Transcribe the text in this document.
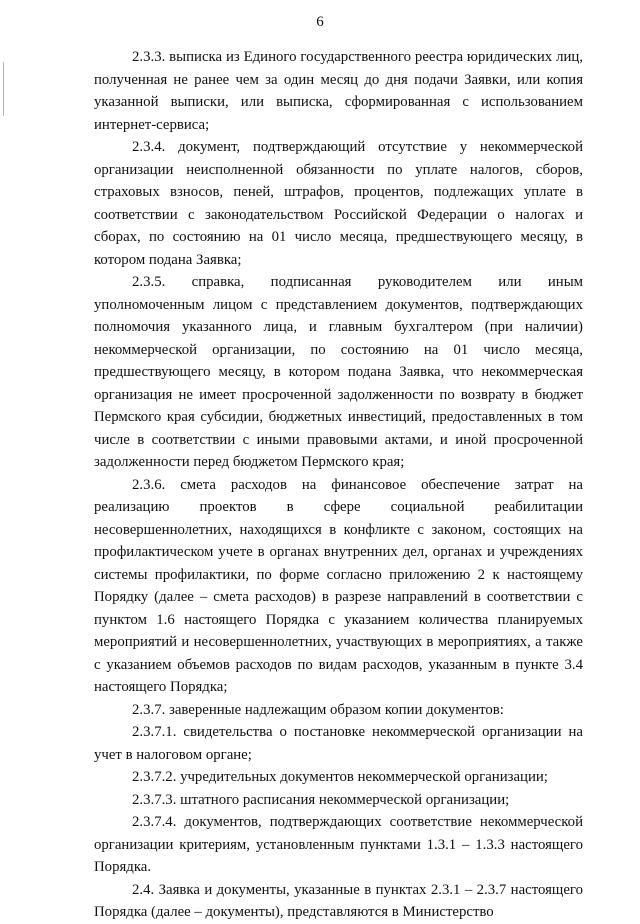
6

2.3.3. выписка из Единого государственного реестра юридических лиц, полученная не ранее чем за один месяц до дня подачи Заявки, или копия указанной выписки, или выписка, сформированная с использованием интернет-сервиса;

2.3.4. документ, подтверждающий отсутствие у некоммерческой организации неисполненной обязанности по уплате налогов, сборов, страховых взносов, пеней, штрафов, процентов, подлежащих уплате в соответствии с законодательством Российской Федерации о налогах и сборах, по состоянию на 01 число месяца, предшествующего месяцу, в котором подана Заявка;

2.3.5. справка, подписанная руководителем или иным уполномоченным лицом с представлением документов, подтверждающих полномочия указанного лица, и главным бухгалтером (при наличии) некоммерческой организации, по состоянию на 01 число месяца, предшествующего месяцу, в котором подана Заявка, что некоммерческая организация не имеет просроченной задолженности по возврату в бюджет Пермского края субсидии, бюджетных инвестиций, предоставленных в том числе в соответствии с иными правовыми актами, и иной просроченной задолженности перед бюджетом Пермского края;

2.3.6. смета расходов на финансовое обеспечение затрат на реализацию проектов в сфере социальной реабилитации несовершеннолетних, находящихся в конфликте с законом, состоящих на профилактическом учете в органах внутренних дел, органах и учреждениях системы профилактики, по форме согласно приложению 2 к настоящему Порядку (далее – смета расходов) в разрезе направлений в соответствии с пунктом 1.6 настоящего Порядка с указанием количества планируемых мероприятий и несовершеннолетних, участвующих в мероприятиях, а также с указанием объемов расходов по видам расходов, указанным в пункте 3.4 настоящего Порядка;

2.3.7. заверенные надлежащим образом копии документов:

2.3.7.1. свидетельства о постановке некоммерческой организации на учет в налоговом органе;

2.3.7.2. учредительных документов некоммерческой организации;

2.3.7.3. штатного расписания некоммерческой организации;

2.3.7.4. документов, подтверждающих соответствие некоммерческой организации критериям, установленным пунктами 1.3.1 – 1.3.3 настоящего Порядка.

2.4. Заявка и документы, указанные в пунктах 2.3.1 – 2.3.7 настоящего Порядка (далее – документы), представляются в Министерство
